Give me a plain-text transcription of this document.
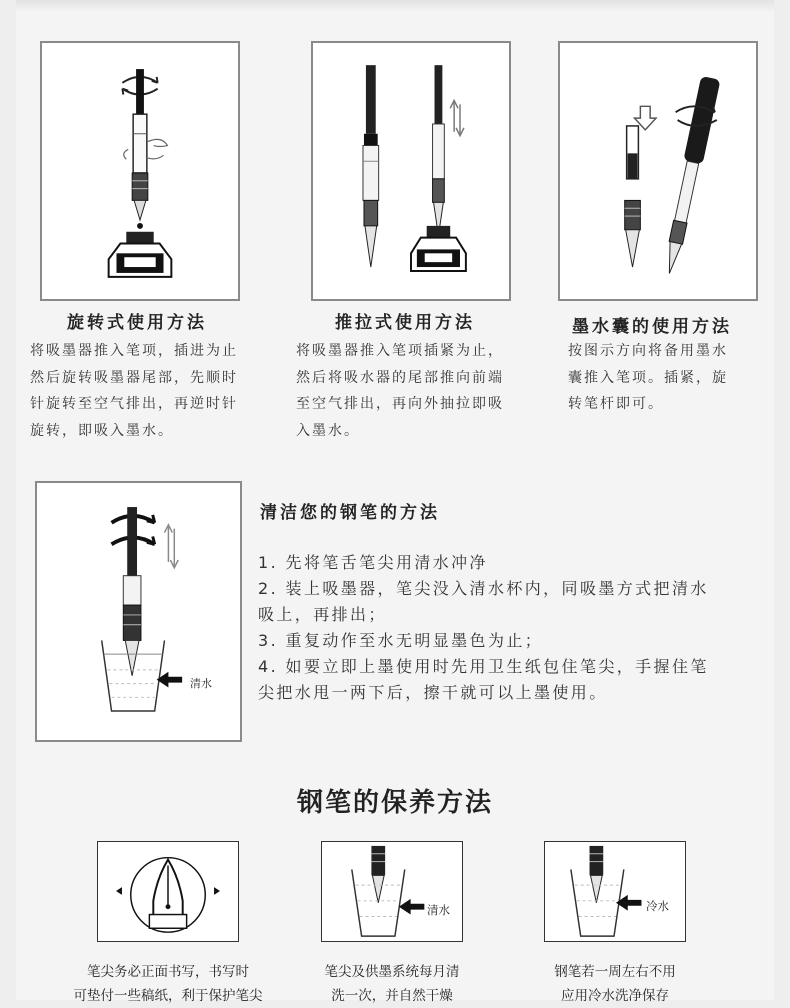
旋转式使用方法	推拉式使用方法	墨水囊的使用方法
将吸墨器推入笔项，插进为止
然后旋转吸墨器尾部，先顺时
针旋转至空气排出，再逆时针
旋转，即吸入墨水。
将吸墨器推入笔项插紧为止，
然后将吸水器的尾部推向前端
至空气排出，再向外抽拉即吸
入墨水。
按图示方向将备用墨水
囊推入笔项。插紧，旋
转笔杆即可。
清水
清洁您的钢笔的方法
1. 先将笔舌笔尖用清水冲净
2. 装上吸墨器，笔尖没入清水杯内，同吸墨方式把清水
吸上，再排出；
3. 重复动作至水无明显墨色为止；
4. 如要立即上墨使用时先用卫生纸包住笔尖，手握住笔
尖把水甩一两下后，擦干就可以上墨使用。
钢笔的保养方法
清水	冷水
笔尖务必正面书写，书写时
可垫付一些稿纸，利于保护笔尖
笔尖及供墨系统每月清
洗一次，并自然干燥
钢笔若一周左右不用
应用冷水洗净保存
